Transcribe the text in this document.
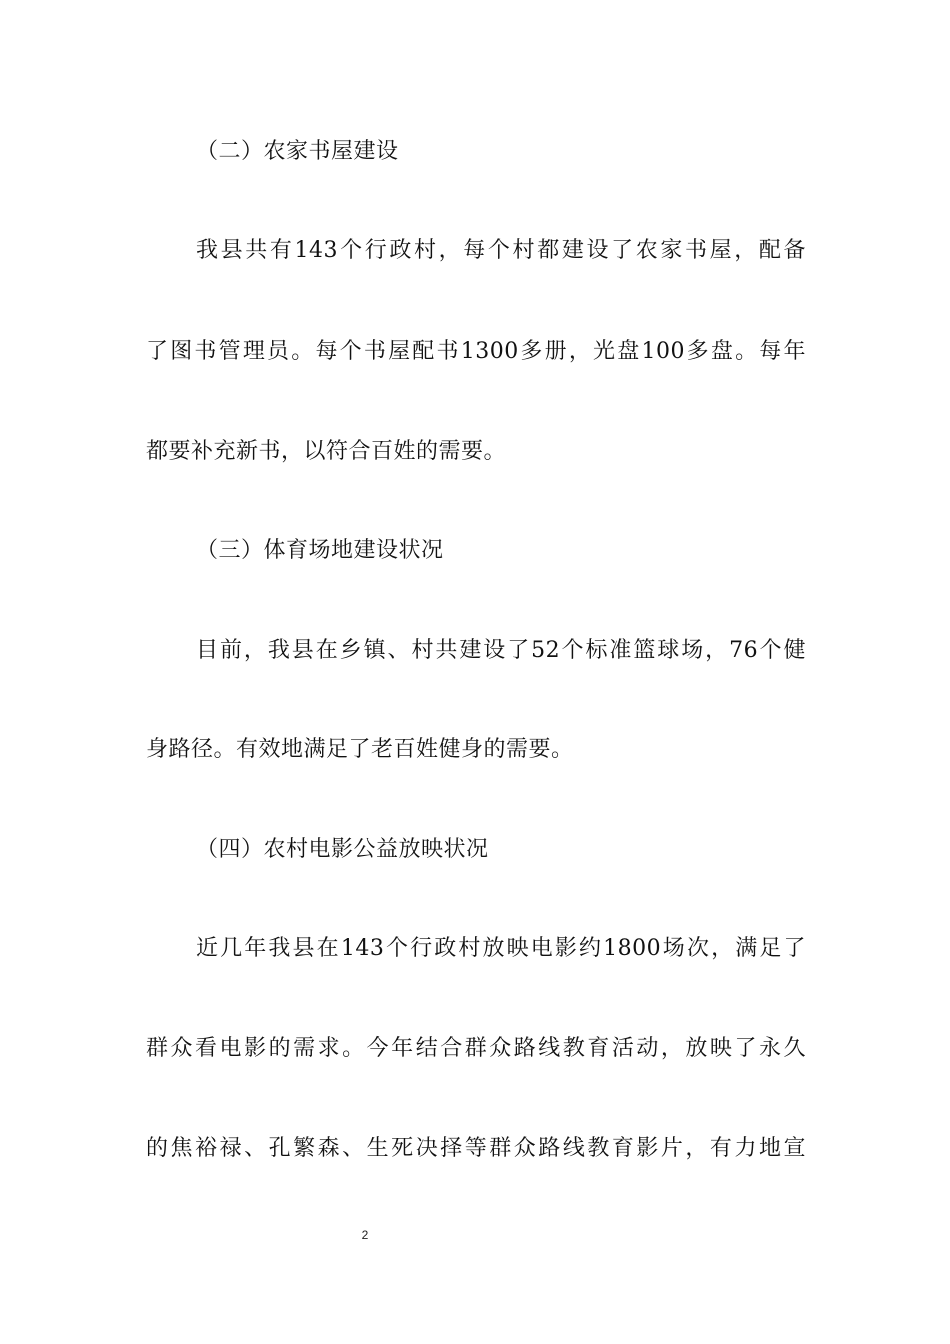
（二）农家书屋建设
我县共有143个行政村，每个村都建设了农家书屋，配备
了图书管理员。每个书屋配书1300多册，光盘100多盘。每年
都要补充新书，以符合百姓的需要。
（三）体育场地建设状况
目前，我县在乡镇、村共建设了52个标准篮球场，76个健
身路径。有效地满足了老百姓健身的需要。
（四）农村电影公益放映状况
近几年我县在143个行政村放映电影约1800场次，满足了
群众看电影的需求。今年结合群众路线教育活动，放映了永久
的焦裕禄、孔繁森、生死决择等群众路线教育影片，有力地宣
2
